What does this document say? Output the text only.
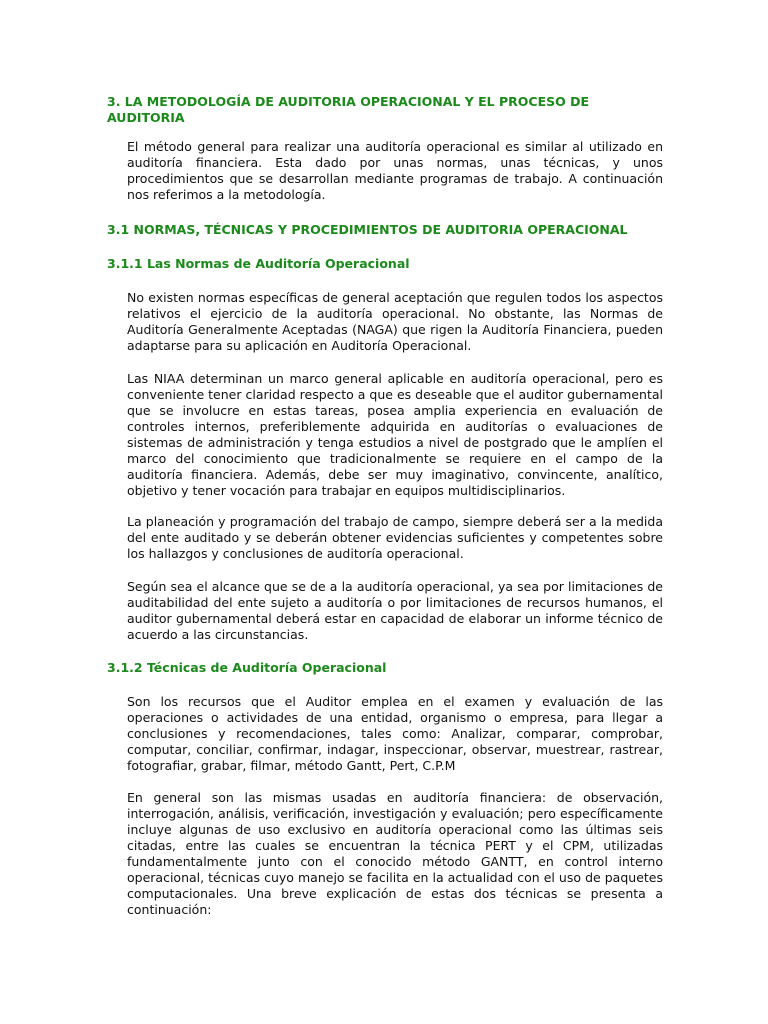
3. LA METODOLOGÍA DE AUDITORIA OPERACIONAL Y EL PROCESO DE AUDITORIA

El método general para realizar una auditoría operacional es similar al utilizado en auditoría financiera. Esta dado por unas normas, unas técnicas, y unos procedimientos que se desarrollan mediante programas de trabajo. A continuación nos referimos a la metodología.

3.1 NORMAS, TÉCNICAS Y PROCEDIMIENTOS DE AUDITORIA OPERACIONAL
3.1.1 Las Normas de Auditoría Operacional

No existen normas específicas de general aceptación que regulen todos los aspectos relativos el ejercicio de la auditoría operacional. No obstante, las Normas de Auditoría Generalmente Aceptadas (NAGA) que rigen la Auditoría Financiera, pueden adaptarse para su aplicación en Auditoría Operacional.

Las NIAA determinan un marco general aplicable en auditoría operacional, pero es conveniente tener claridad respecto a que es deseable que el auditor gubernamental que se involucre en estas tareas, posea amplia experiencia en evaluación de controles internos, preferiblemente adquirida en auditorías o evaluaciones de sistemas de administración y tenga estudios a nivel de postgrado que le amplíen el marco del conocimiento que tradicionalmente se requiere en el campo de la auditoría financiera. Además, debe ser muy imaginativo, convincente, analítico, objetivo y tener vocación para trabajar en equipos multidisciplinarios.

La planeación y programación del trabajo de campo, siempre deberá ser a la medida del ente auditado y se deberán obtener evidencias suficientes y competentes sobre los hallazgos y conclusiones de auditoría operacional.

Según sea el alcance que se de a la auditoría operacional, ya sea por limitaciones de auditabilidad del ente sujeto a auditoría o por limitaciones de recursos humanos, el auditor gubernamental deberá estar en capacidad de elaborar un informe técnico de acuerdo a las circunstancias.

3.1.2 Técnicas de Auditoría Operacional

Son los recursos que el Auditor emplea en el examen y evaluación de las operaciones o actividades de una entidad, organismo o empresa, para llegar a conclusiones y recomendaciones, tales como: Analizar, comparar, comprobar, computar, conciliar, confirmar, indagar, inspeccionar, observar, muestrear, rastrear, fotografiar, grabar, filmar, método Gantt, Pert, C.P.M

En general son las mismas usadas en auditoría financiera: de observación, interrogación, análisis, verificación, investigación y evaluación; pero específicamente incluye algunas de uso exclusivo en auditoría operacional como las últimas seis citadas, entre las cuales se encuentran la técnica PERT y el CPM, utilizadas fundamentalmente junto con el conocido método GANTT, en control interno operacional, técnicas cuyo manejo se facilita en la actualidad con el uso de paquetes computacionales. Una breve explicación de estas dos técnicas se presenta a continuación:
